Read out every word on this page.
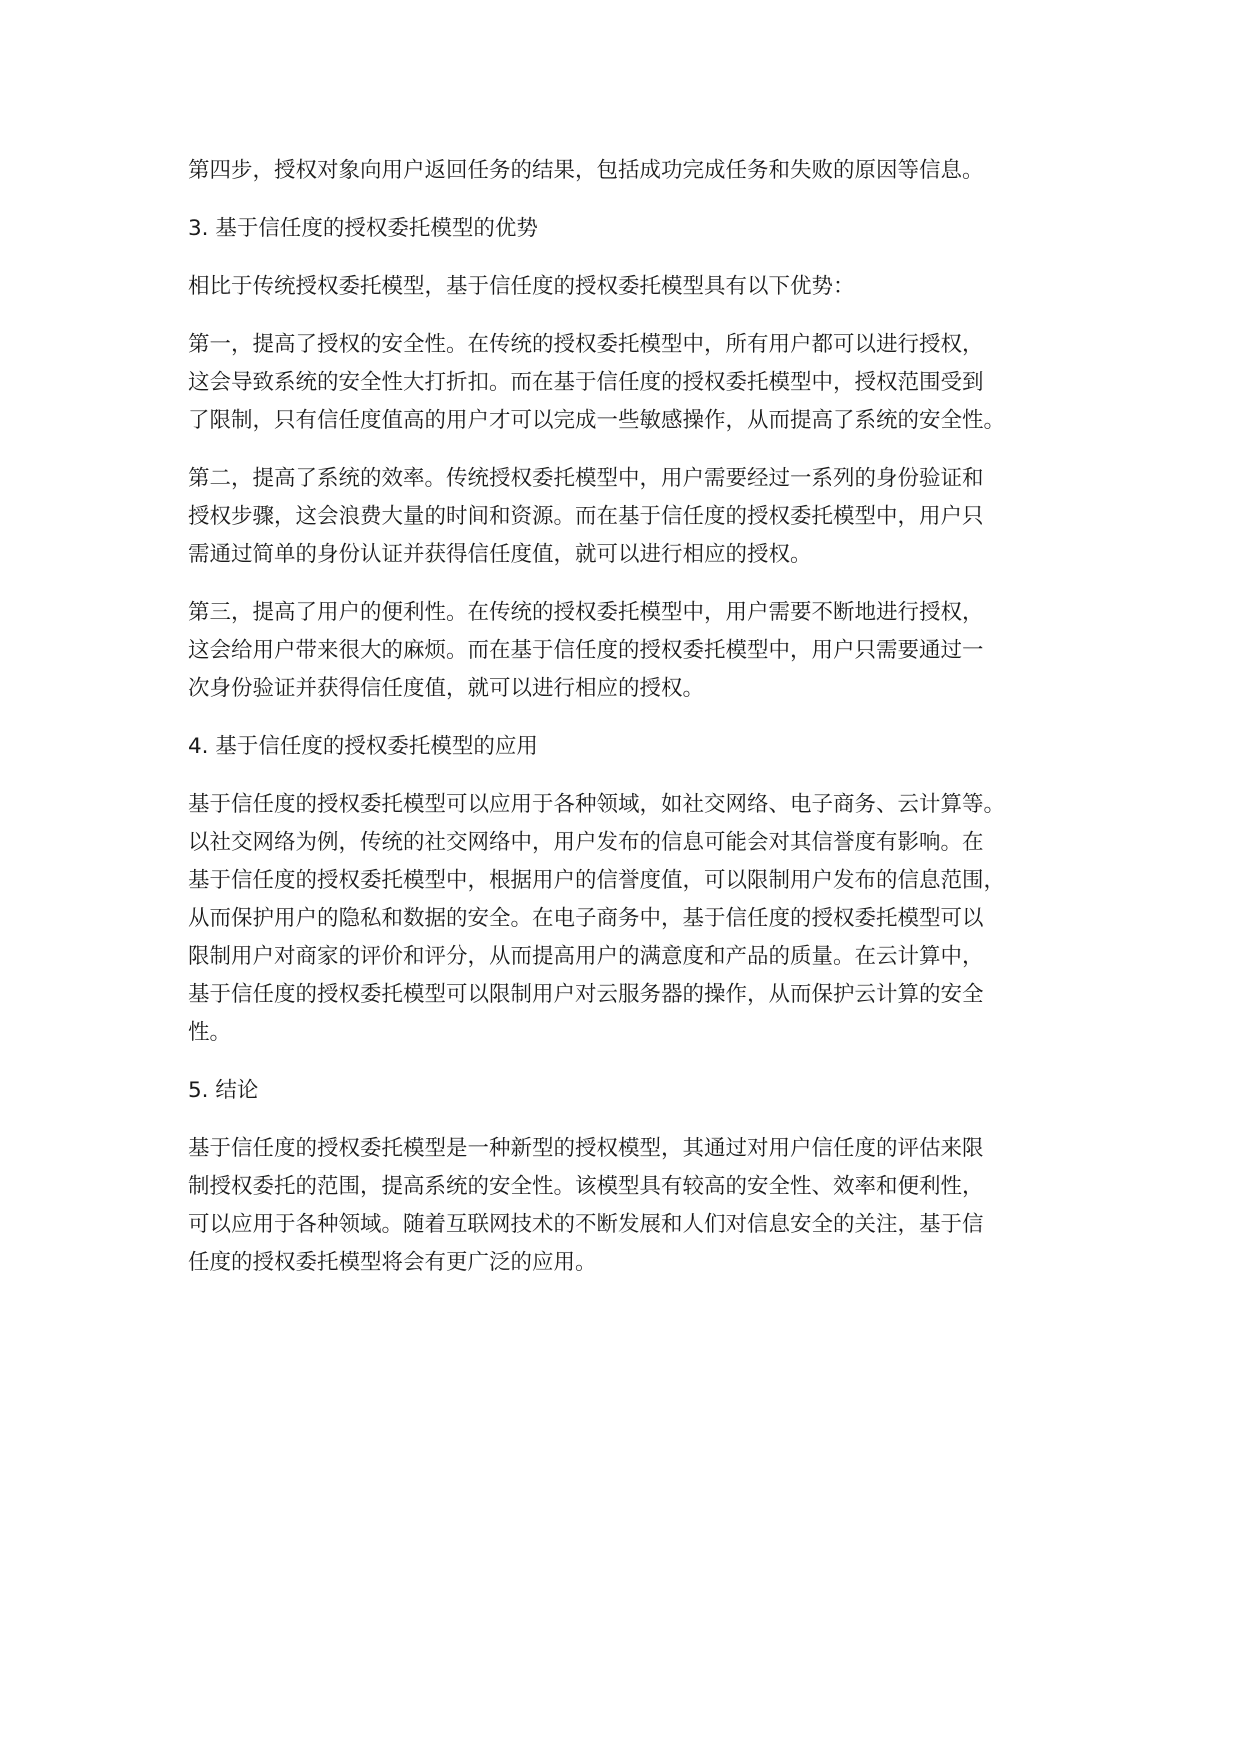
第四步，授权对象向用户返回任务的结果，包括成功完成任务和失败的原因等信息。

3. 基于信任度的授权委托模型的优势

相比于传统授权委托模型，基于信任度的授权委托模型具有以下优势：

第一，提高了授权的安全性。在传统的授权委托模型中，所有用户都可以进行授权，
这会导致系统的安全性大打折扣。而在基于信任度的授权委托模型中，授权范围受到
了限制，只有信任度值高的用户才可以完成一些敏感操作，从而提高了系统的安全性。

第二，提高了系统的效率。传统授权委托模型中，用户需要经过一系列的身份验证和
授权步骤，这会浪费大量的时间和资源。而在基于信任度的授权委托模型中，用户只
需通过简单的身份认证并获得信任度值，就可以进行相应的授权。

第三，提高了用户的便利性。在传统的授权委托模型中，用户需要不断地进行授权，
这会给用户带来很大的麻烦。而在基于信任度的授权委托模型中，用户只需要通过一
次身份验证并获得信任度值，就可以进行相应的授权。

4. 基于信任度的授权委托模型的应用

基于信任度的授权委托模型可以应用于各种领域，如社交网络、电子商务、云计算等。
以社交网络为例，传统的社交网络中，用户发布的信息可能会对其信誉度有影响。在
基于信任度的授权委托模型中，根据用户的信誉度值，可以限制用户发布的信息范围，
从而保护用户的隐私和数据的安全。在电子商务中，基于信任度的授权委托模型可以
限制用户对商家的评价和评分，从而提高用户的满意度和产品的质量。在云计算中，
基于信任度的授权委托模型可以限制用户对云服务器的操作，从而保护云计算的安全
性。

5. 结论

基于信任度的授权委托模型是一种新型的授权模型，其通过对用户信任度的评估来限
制授权委托的范围，提高系统的安全性。该模型具有较高的安全性、效率和便利性，
可以应用于各种领域。随着互联网技术的不断发展和人们对信息安全的关注，基于信
任度的授权委托模型将会有更广泛的应用。
